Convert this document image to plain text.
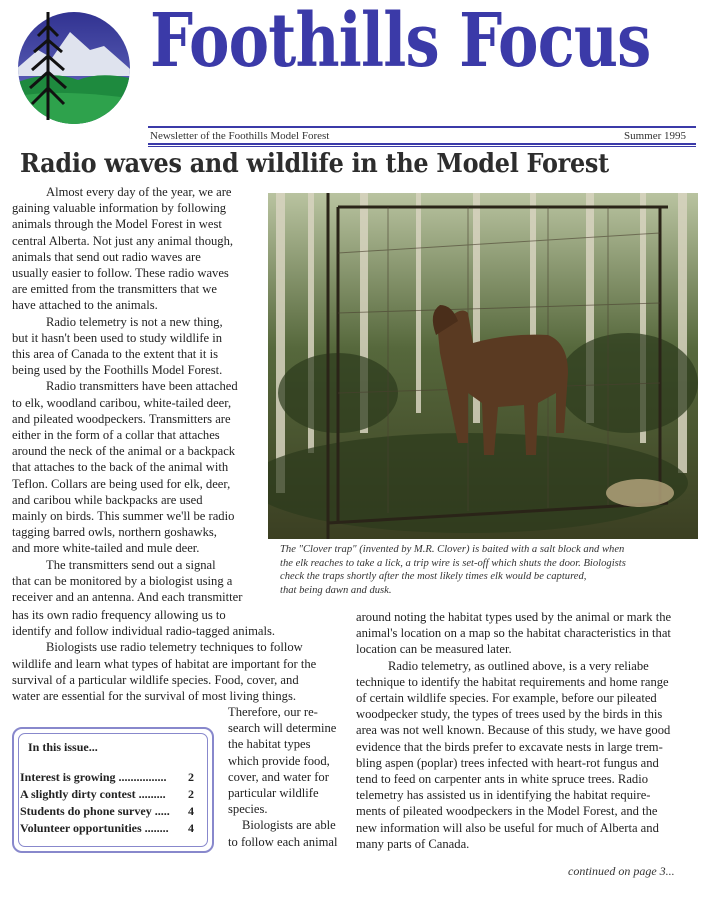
Foothills Focus
Newsletter of the Foothills Model Forest	Summer 1995
Radio waves and wildlife in the Model Forest
Almost every day of the year, we are
gaining valuable information by following
animals through the Model Forest in west
central Alberta. Not just any animal though,
animals that send out radio waves are
usually easier to follow. These radio waves
are emitted from the transmitters that we
have attached to the animals.
Radio telemetry is not a new thing,
but it hasn't been used to study wildlife in
this area of Canada to the extent that it is
being used by the Foothills Model Forest.
Radio transmitters have been attached
to elk, woodland caribou, white-tailed deer,
and pileated woodpeckers. Transmitters are
either in the form of a collar that attaches
around the neck of the animal or a backpack
that attaches to the back of the animal with
Teflon. Collars are being used for elk, deer,
and caribou while backpacks are used
mainly on birds. This summer we'll be radio
tagging barred owls, northern goshawks,
and more white-tailed and mule deer.
The transmitters send out a signal
that can be monitored by a biologist using a
receiver and an antenna. And each transmitter
has its own radio frequency allowing us to
identify and follow individual radio-tagged animals.
Biologists use radio telemetry techniques to follow
wildlife and learn what types of habitat are important for the
survival of a particular wildlife species. Food, cover, and
water are essential for the survival of most living things.
Therefore, our re-
search will determine
the habitat types
which provide food,
cover, and water for
particular wildlife
species.
Biologists are able
to follow each animal
around noting the habitat types used by the animal or mark the
animal's location on a map so the habitat characteristics in that
location can be measured later.
Radio telemetry, as outlined above, is a very reliabe
technique to identify the habitat requirements and home range
of certain wildlife species. For example, before our pileated
woodpecker study, the types of trees used by the birds in this
area was not well known. Because of this study, we have good
evidence that the birds prefer to excavate nests in large trem-
bling aspen (poplar) trees infected with heart-rot fungus and
tend to feed on carpenter ants in white spruce trees. Radio
telemetry has assisted us in identifying the habitat require-
ments of pileated woodpeckers in the Model Forest, and the
new information will also be useful for much of Alberta and
many parts of Canada.
The "Clover trap" (invented by M.R. Clover) is baited with a salt block and when
the elk reaches to take a lick, a trip wire is set-off which shuts the door. Biologists
check the traps shortly after the most likely times elk would be captured,
that being dawn and dusk.
In this issue...
Interest is growing ................ 2
A slightly dirty contest ......... 2
Students do phone survey ..... 4
Volunteer opportunities ........ 4
continued on page 3...
